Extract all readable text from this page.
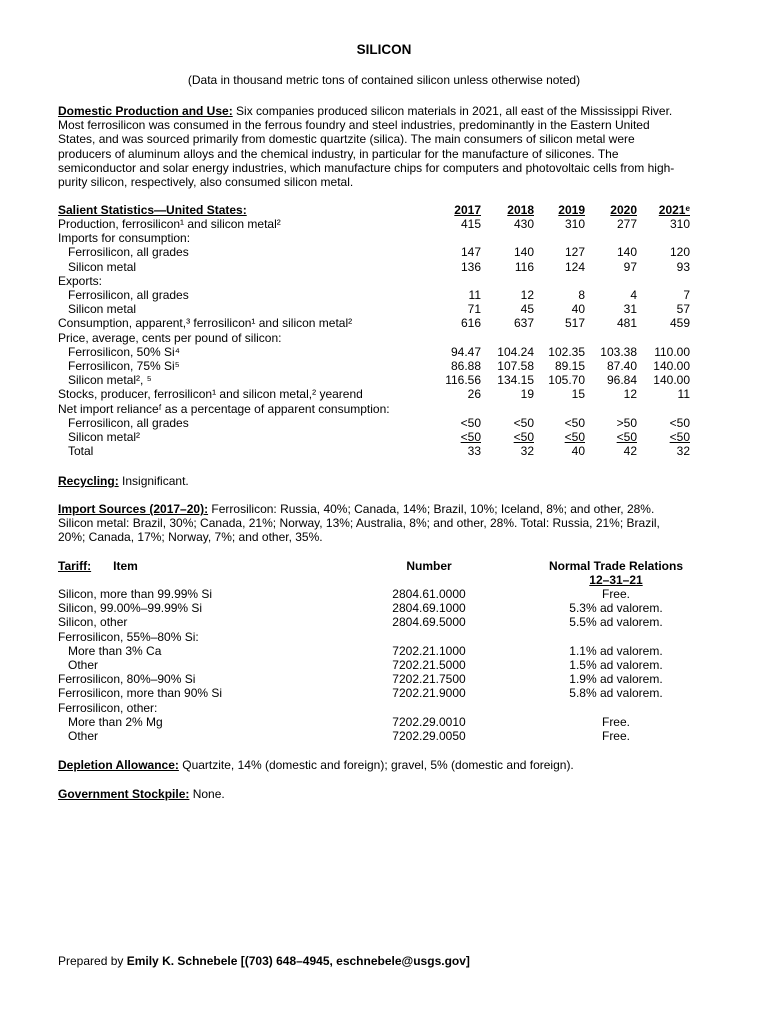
SILICON
(Data in thousand metric tons of contained silicon unless otherwise noted)
Domestic Production and Use: Six companies produced silicon materials in 2021, all east of the Mississippi River.
Most ferrosilicon was consumed in the ferrous foundry and steel industries, predominantly in the Eastern United
States, and was sourced primarily from domestic quartzite (silica). The main consumers of silicon metal were
producers of aluminum alloys and the chemical industry, in particular for the manufacture of silicones. The
semiconductor and solar energy industries, which manufacture chips for computers and photovoltaic cells from high-
purity silicon, respectively, also consumed silicon metal.
Salient Statistics—United States:	2017	2018	2019	2020	2021ᵉ
Production, ferrosilicon¹ and silicon metal²	415	430	310	277	310
Imports for consumption:
Ferrosilicon, all grades	147	140	127	140	120
Silicon metal	136	116	124	97	93
Exports:
Ferrosilicon, all grades	11	12	8	4	7
Silicon metal	71	45	40	31	57
Consumption, apparent,³ ferrosilicon¹ and silicon metal²	616	637	517	481	459
Price, average, cents per pound of silicon:
Ferrosilicon, 50% Si⁴	94.47	104.24	102.35	103.38	110.00
Ferrosilicon, 75% Si⁵	86.88	107.58	89.15	87.40	140.00
Silicon metal², ⁵	116.56	134.15	105.70	96.84	140.00
Stocks, producer, ferrosilicon¹ and silicon metal,² yearend	26	19	15	12	11
Net import relianceᶠ as a percentage of apparent consumption:
Ferrosilicon, all grades	<50	<50	<50	>50	<50
Silicon metal²	<50	<50	<50	<50	<50
Total	33	32	40	42	32
Recycling: Insignificant.
Import Sources (2017–20): Ferrosilicon: Russia, 40%; Canada, 14%; Brazil, 10%; Iceland, 8%; and other, 28%.
Silicon metal: Brazil, 30%; Canada, 21%; Norway, 13%; Australia, 8%; and other, 28%. Total: Russia, 21%; Brazil,
20%; Canada, 17%; Norway, 7%; and other, 35%.
Tariff: Item	Number	Normal Trade Relations
12–31–21
Silicon, more than 99.99% Si	2804.61.0000	Free.
Silicon, 99.00%–99.99% Si	2804.69.1000	5.3% ad valorem.
Silicon, other	2804.69.5000	5.5% ad valorem.
Ferrosilicon, 55%–80% Si:
More than 3% Ca	7202.21.1000	1.1% ad valorem.
Other	7202.21.5000	1.5% ad valorem.
Ferrosilicon, 80%–90% Si	7202.21.7500	1.9% ad valorem.
Ferrosilicon, more than 90% Si	7202.21.9000	5.8% ad valorem.
Ferrosilicon, other:
More than 2% Mg	7202.29.0010	Free.
Other	7202.29.0050	Free.
Depletion Allowance: Quartzite, 14% (domestic and foreign); gravel, 5% (domestic and foreign).
Government Stockpile: None.
Prepared by Emily K. Schnebele [(703) 648–4945, eschnebele@usgs.gov]
